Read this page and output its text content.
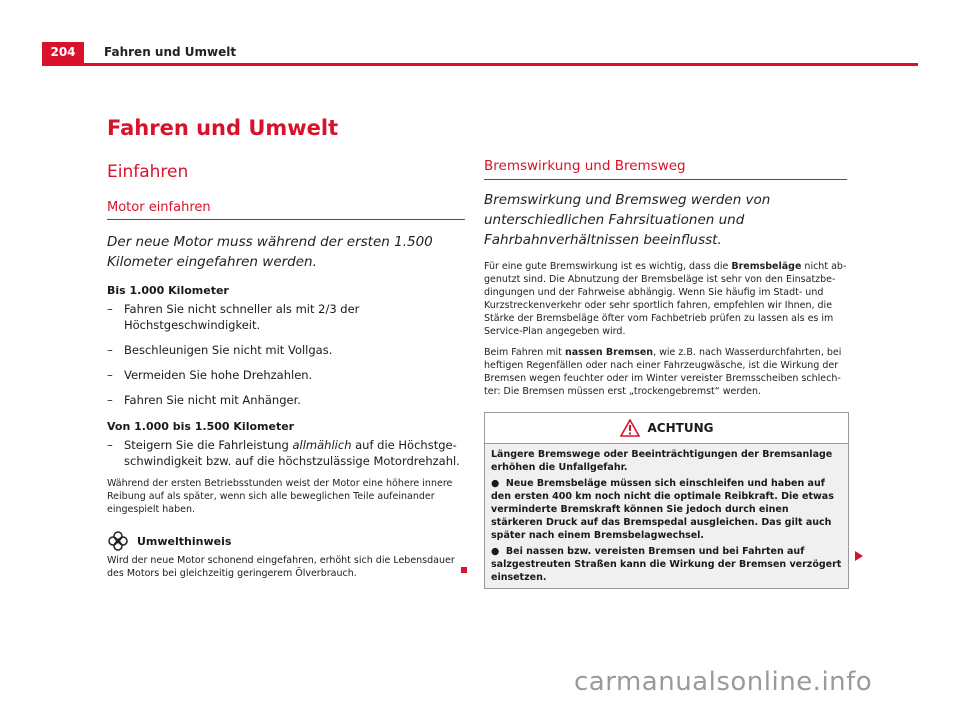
204	Fahren und Umwelt
Fahren und Umwelt
Einfahren
Motor einfahren
Der neue Motor muss während der ersten 1.500 Kilometer eingefahren werden.
Bis 1.000 Kilometer
– Fahren Sie nicht schneller als mit 2/3 der Höchstgeschwindigkeit.
– Beschleunigen Sie nicht mit Vollgas.
– Vermeiden Sie hohe Drehzahlen.
– Fahren Sie nicht mit Anhänger.
Von 1.000 bis 1.500 Kilometer
– Steigern Sie die Fahrleistung allmählich auf die Höchstgeschwindigkeit bzw. auf die höchstzulässige Motordrehzahl.
Während der ersten Betriebsstunden weist der Motor eine höhere innere Reibung auf als später, wenn sich alle beweglichen Teile aufeinander eingespielt haben.
Umwelthinweis
Wird der neue Motor schonend eingefahren, erhöht sich die Lebensdauer des Motors bei gleichzeitig geringerem Ölverbrauch.
Bremswirkung und Bremsweg
Bremswirkung und Bremsweg werden von unterschiedlichen Fahrsituationen und Fahrbahnverhältnissen beeinflusst.
Für eine gute Bremswirkung ist es wichtig, dass die Bremsbeläge nicht abgenutzt sind. Die Abnutzung der Bremsbeläge ist sehr von den Einsatzbedingungen und der Fahrweise abhängig. Wenn Sie häufig im Stadt- und Kurzstreckenverkehr oder sehr sportlich fahren, empfehlen wir Ihnen, die Stärke der Bremsbeläge öfter vom Fachbetrieb prüfen zu lassen als es im Service-Plan angegeben wird.
Beim Fahren mit nassen Bremsen, wie z.B. nach Wasserdurchfahrten, bei heftigen Regenfällen oder nach einer Fahrzeugwäsche, ist die Wirkung der Bremsen wegen feuchter oder im Winter vereister Bremsscheiben schlechter: Die Bremsen müssen erst „trockengebremst“ werden.
ACHTUNG
Längere Bremswege oder Beeinträchtigungen der Bremsanlage erhöhen die Unfallgefahr.
●  Neue Bremsbeläge müssen sich einschleifen und haben auf den ersten 400 km noch nicht die optimale Reibkraft. Die etwas verminderte Bremskraft können Sie jedoch durch einen stärkeren Druck auf das Bremspedal ausgleichen. Das gilt auch später nach einem Bremsbelagwechsel.
●  Bei nassen bzw. vereisten Bremsen und bei Fahrten auf salzgestreuten Straßen kann die Wirkung der Bremsen verzögert einsetzen.
carmanualsonline.info
